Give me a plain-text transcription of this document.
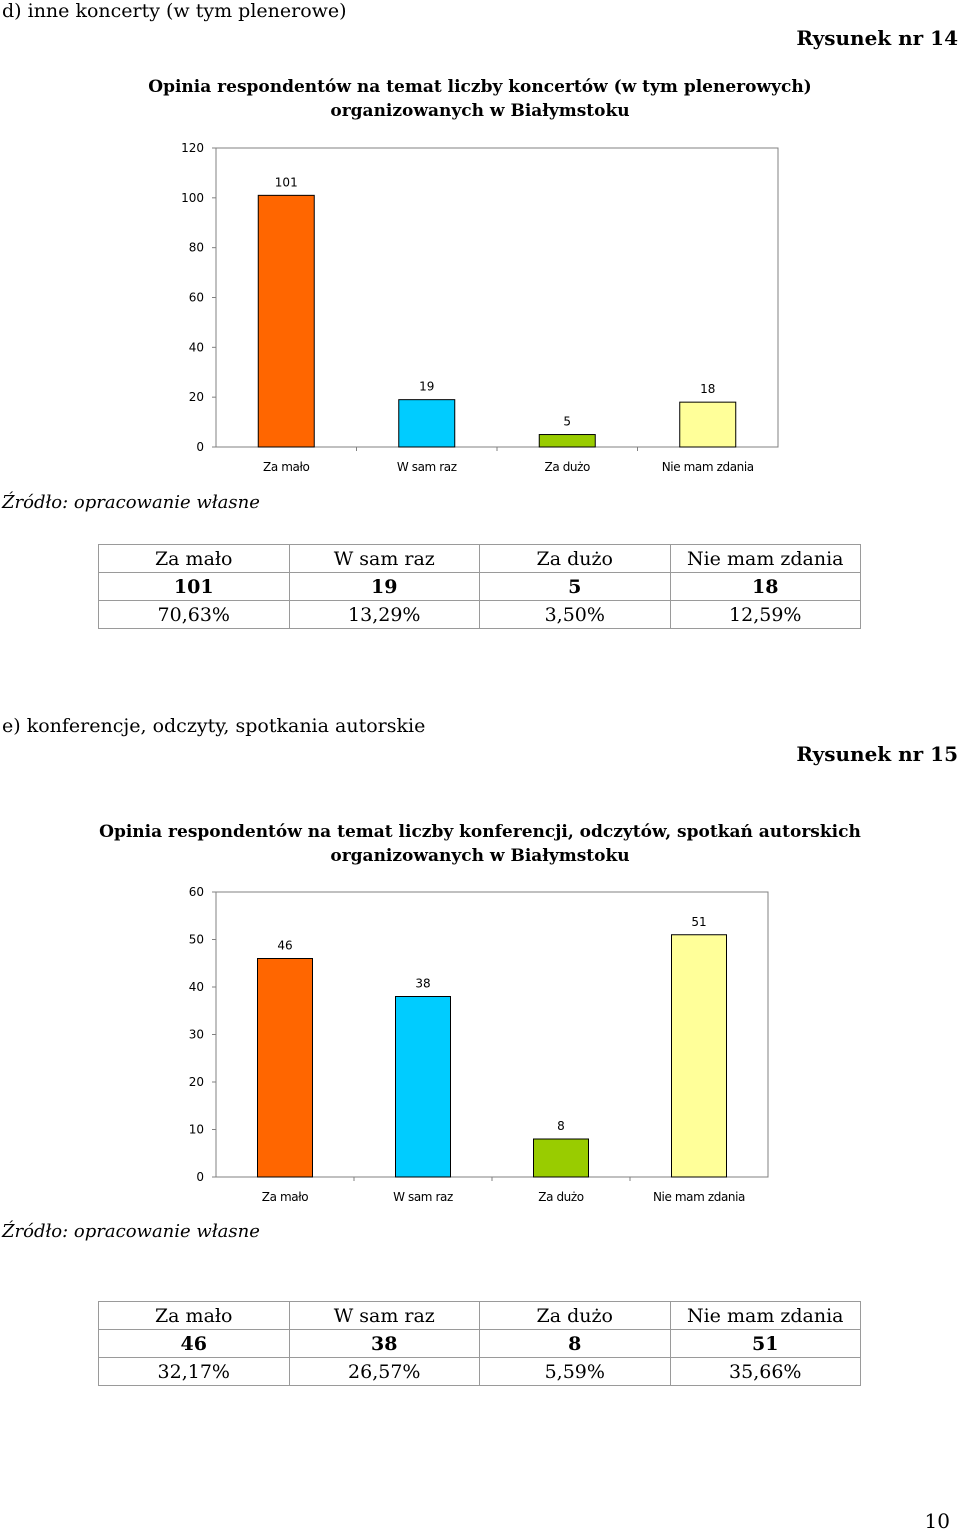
d) inne koncerty (w tym plenerowe)
Rysunek nr 14
Opinia respondentów na temat liczby koncertów (w tym plenerowych)
organizowanych w Białymstoku
0
20
40
60
80
100
120
101
Za mało
19
W sam raz
5
Za dużo
18
Nie mam zdania
Źródło: opracowanie własne
Za mało	W sam raz	Za dużo	Nie mam zdania
101	19	5	18
70,63%	13,29%	3,50%	12,59%
e) konferencje, odczyty, spotkania autorskie
Rysunek nr 15
Opinia respondentów na temat liczby konferencji, odczytów, spotkań autorskich
organizowanych w Białymstoku
0
10
20
30
40
50
60
46
Za mało
38
W sam raz
8
Za dużo
51
Nie mam zdania
Źródło: opracowanie własne
Za mało	W sam raz	Za dużo	Nie mam zdania
46	38	8	51
32,17%	26,57%	5,59%	35,66%
10
